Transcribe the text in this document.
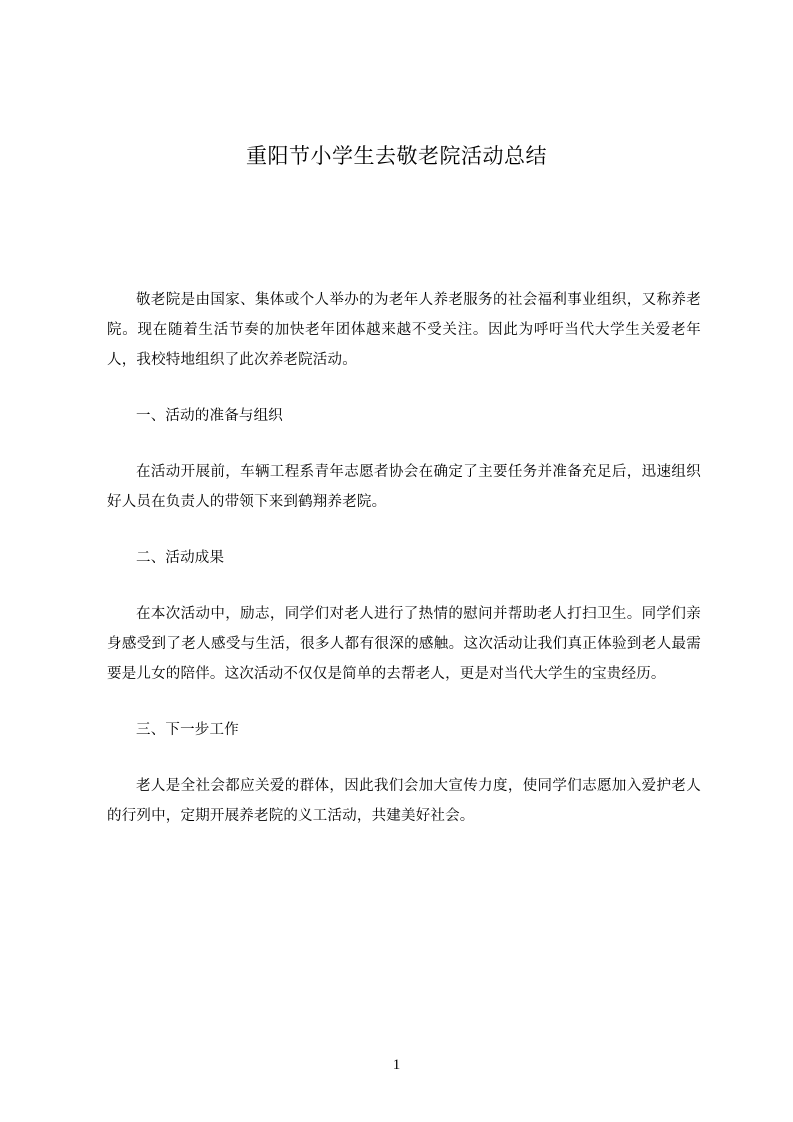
重阳节小学生去敬老院活动总结

敬老院是由国家、集体或个人举办的为老年人养老服务的社会福利事业组织，又称养老院。现在随着生活节奏的加快老年团体越来越不受关注。因此为呼吁当代大学生关爱老年人，我校特地组织了此次养老院活动。

一、活动的准备与组织

在活动开展前，车辆工程系青年志愿者协会在确定了主要任务并准备充足后，迅速组织好人员在负责人的带领下来到鹤翔养老院。

二、活动成果

在本次活动中，励志，同学们对老人进行了热情的慰问并帮助老人打扫卫生。同学们亲身感受到了老人感受与生活，很多人都有很深的感触。这次活动让我们真正体验到老人最需要是儿女的陪伴。这次活动不仅仅是简单的去帮老人，更是对当代大学生的宝贵经历。

三、下一步工作

老人是全社会都应关爱的群体，因此我们会加大宣传力度，使同学们志愿加入爱护老人的行列中，定期开展养老院的义工活动，共建美好社会。

1
